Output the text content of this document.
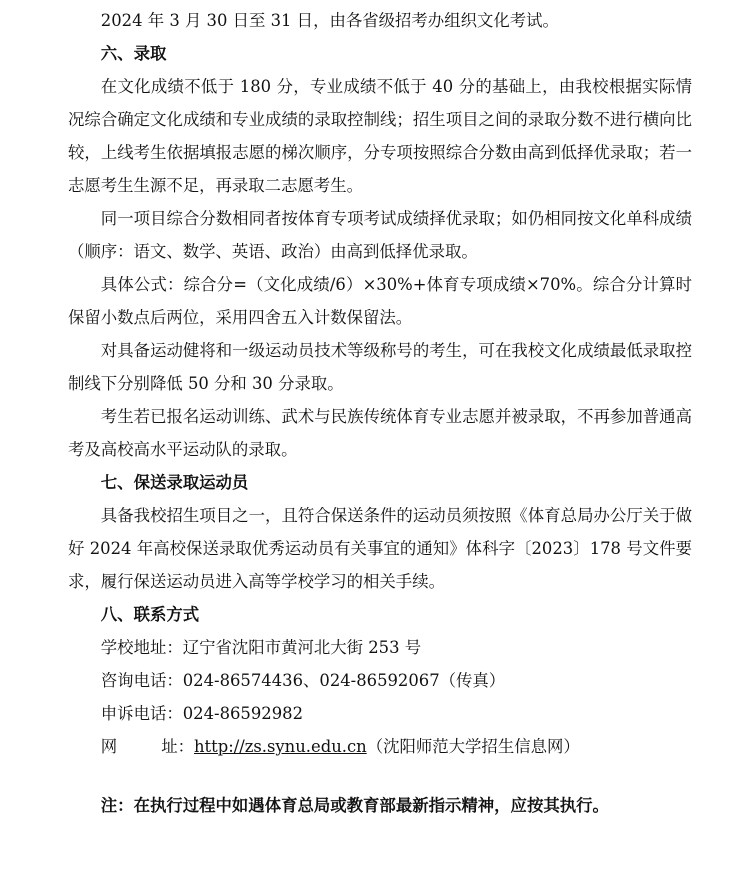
2024 年 3 月 30 日至 31 日，由各省级招考办组织文化考试。

六、录取

在文化成绩不低于 180 分，专业成绩不低于 40 分的基础上，由我校根据实际情况综合确定文化成绩和专业成绩的录取控制线；招生项目之间的录取分数不进行横向比较，上线考生依据填报志愿的梯次顺序，分专项按照综合分数由高到低择优录取；若一志愿考生生源不足，再录取二志愿考生。

同一项目综合分数相同者按体育专项考试成绩择优录取；如仍相同按文化单科成绩（顺序：语文、数学、英语、政治）由高到低择优录取。

具体公式：综合分=（文化成绩/6）×30%+体育专项成绩×70%。综合分计算时保留小数点后两位，采用四舍五入计数保留法。

对具备运动健将和一级运动员技术等级称号的考生，可在我校文化成绩最低录取控制线下分别降低 50 分和 30 分录取。

考生若已报名运动训练、武术与民族传统体育专业志愿并被录取，不再参加普通高考及高校高水平运动队的录取。

七、保送录取运动员

具备我校招生项目之一，且符合保送条件的运动员须按照《体育总局办公厅关于做好 2024 年高校保送录取优秀运动员有关事宜的通知》体科字〔2023〕178 号文件要求，履行保送运动员进入高等学校学习的相关手续。

八、联系方式

学校地址：辽宁省沈阳市黄河北大街 253 号

咨询电话：024-86574436、024-86592067（传真）

申诉电话：024-86592982

网	址：http://zs.synu.edu.cn（沈阳师范大学招生信息网）

注：在执行过程中如遇体育总局或教育部最新指示精神，应按其执行。
